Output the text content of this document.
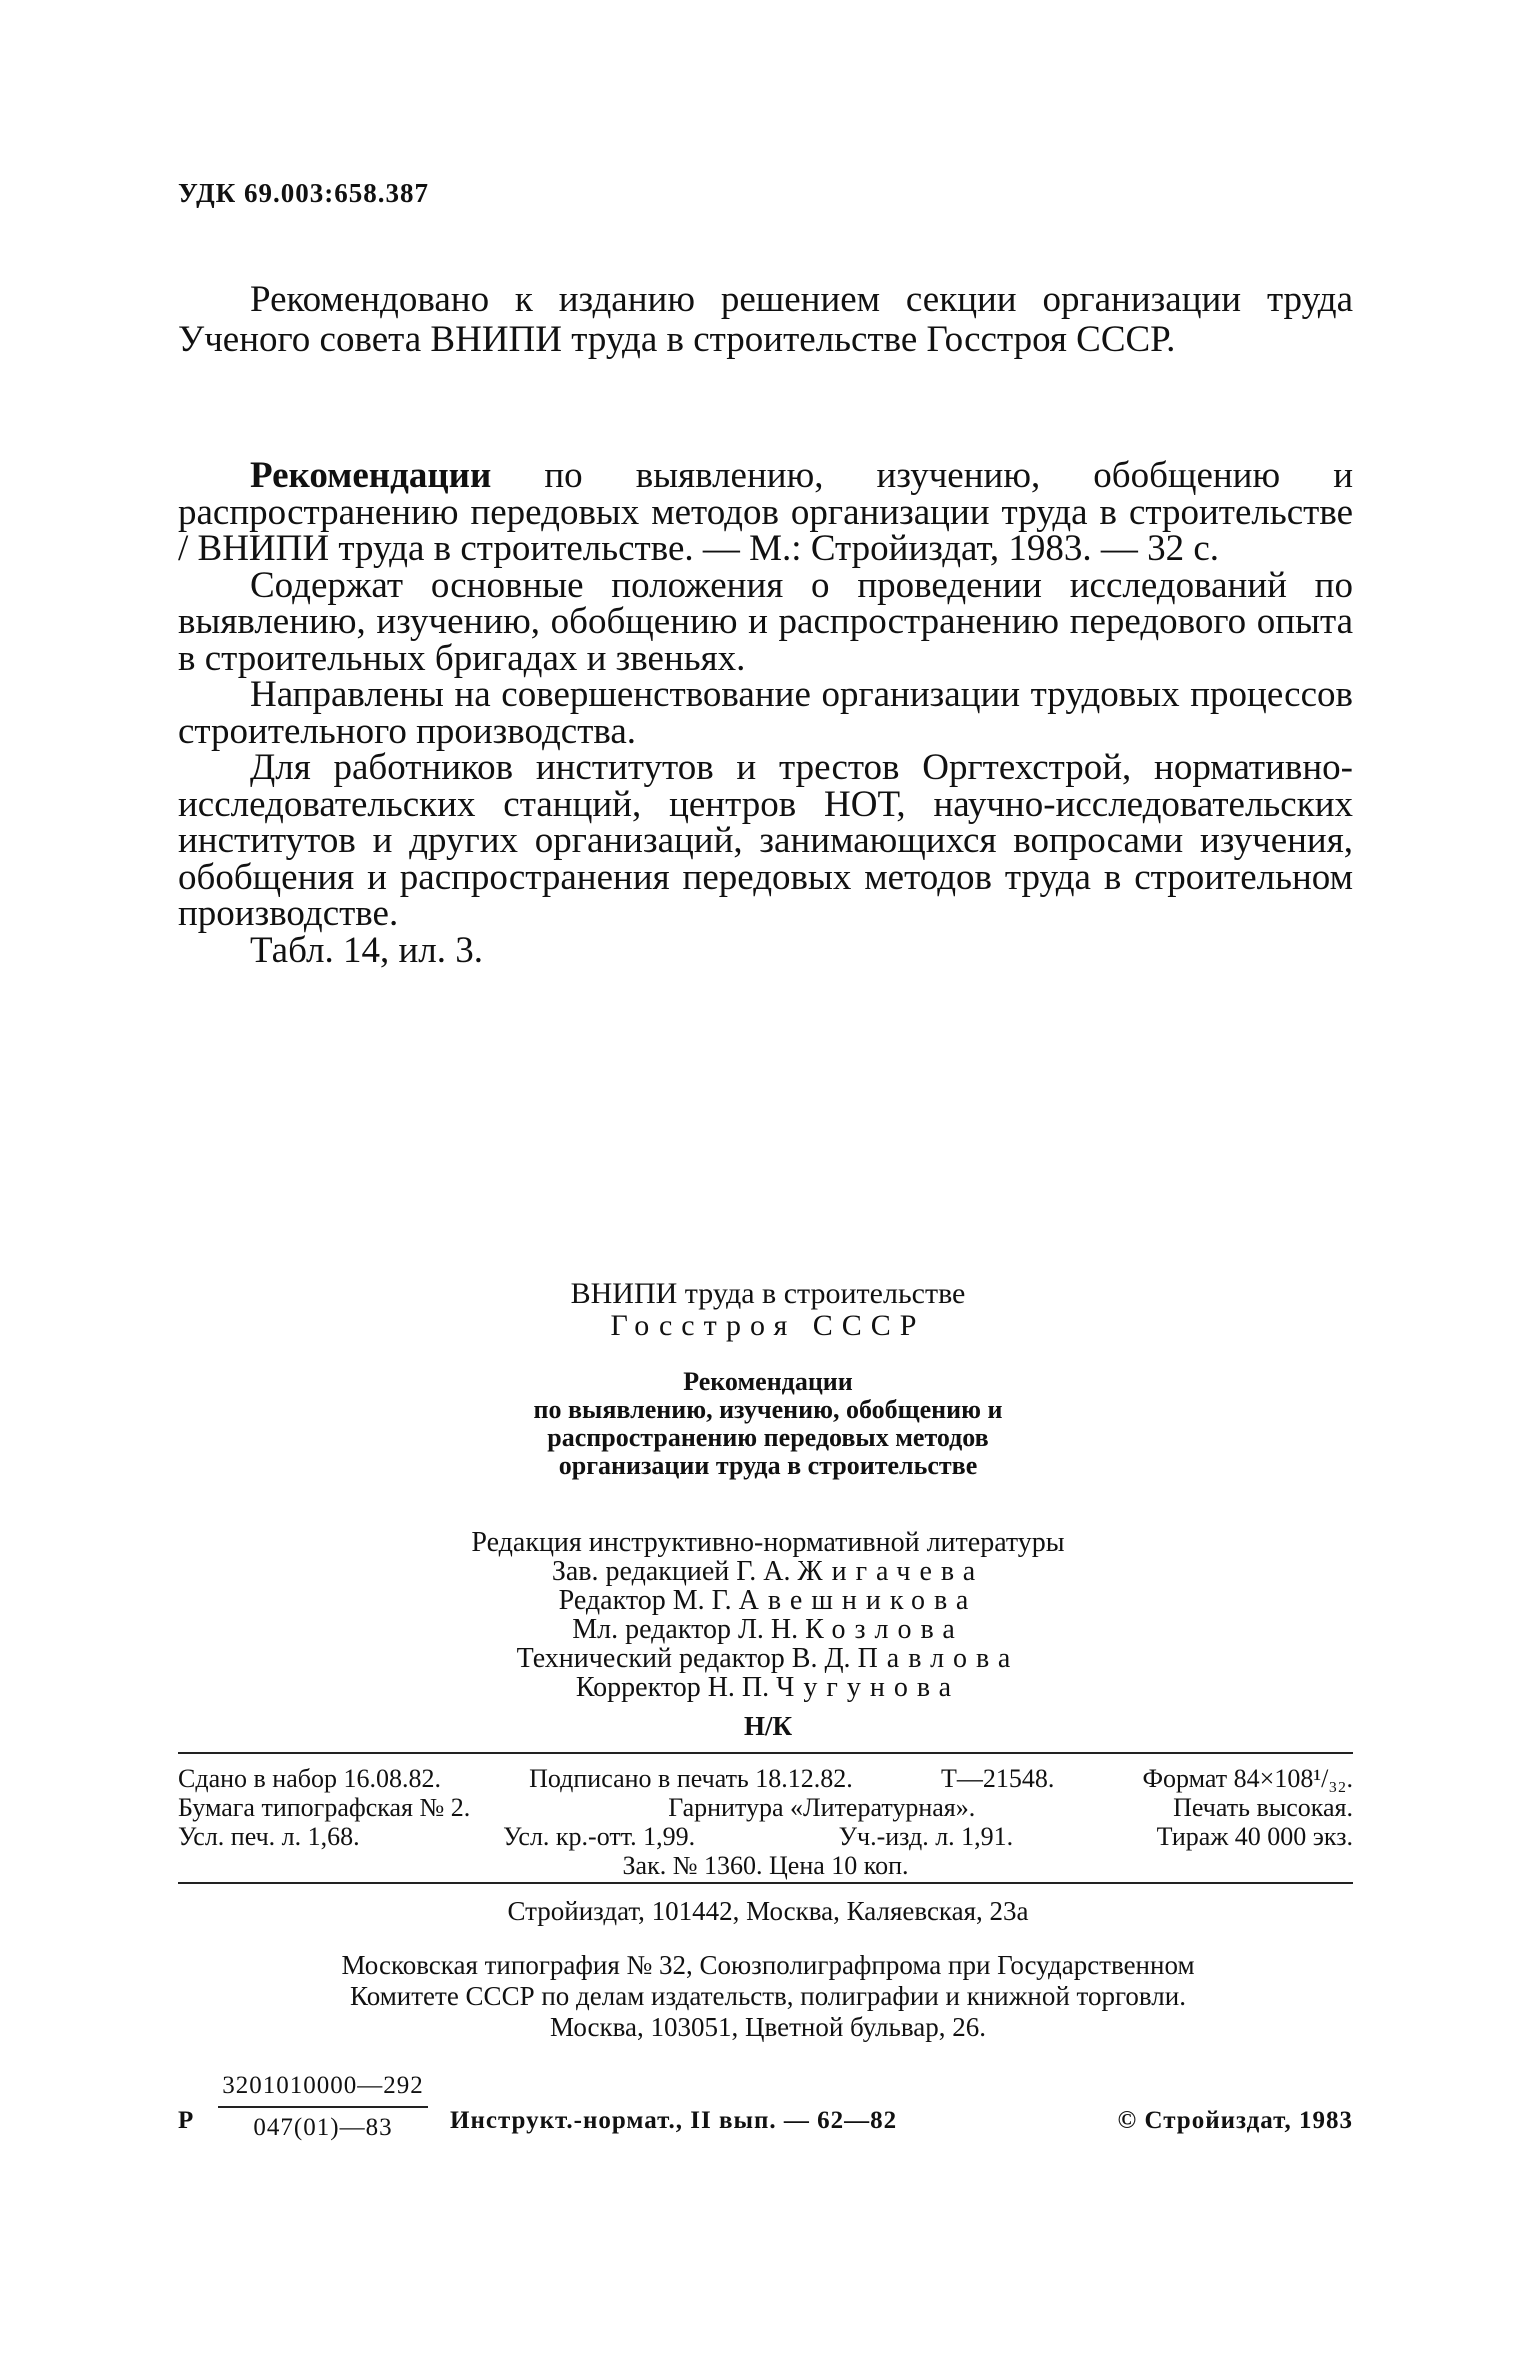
УДК 69.003:658.387

Рекомендовано к изданию решением секции организации труда Ученого совета ВНИПИ труда в строительстве Госстроя СССР.

Рекомендации по выявлению, изучению, обобщению и распространению передовых методов организации труда в строительстве / ВНИПИ труда в строительстве. — М.: Стройиздат, 1983. — 32 с.

Содержат основные положения о проведении исследований по выявлению, изучению, обобщению и распространению передового опыта в строительных бригадах и звеньях.

Направлены на совершенствование организации трудовых процессов строительного производства.

Для работников институтов и трестов Оргтехстрой, нормативно-исследовательских станций, центров НОТ, научно-исследовательских институтов и других организаций, занимающихся вопросами изучения, обобщения и распространения передовых методов труда в строительном производстве.

Табл. 14, ил. 3.

ВНИПИ труда в строительстве
Госстроя СССР
Рекомендации
по выявлению, изучению, обобщению и
распространению передовых методов
организации труда в строительстве
Редакция инструктивно-нормативной литературы
Зав. редакцией Г. А. Жигачева
Редактор М. Г. Авешникова
Мл. редактор Л. Н. Козлова
Технический редактор В. Д. Павлова
Корректор Н. П. Чугунова
Н/К
Сдано в набор 16.08.82.	Подписано в печать 18.12.82.	Т—21548.	Формат 84×108¹/₃₂.
Бумага типографская № 2.	Гарнитура «Литературная».	Печать высокая.
Усл. печ. л. 1,68.	Усл. кр.-отт. 1,99.	Уч.-изд. л. 1,91.	Тираж 40 000 экз.
Зак. № 1360. Цена 10 коп.
Стройиздат, 101442, Москва, Каляевская, 23а
Московская типография № 32, Союзполиграфпрома при Государственном
Комитете СССР по делам издательств, полиграфии и книжной торговли.
Москва, 103051, Цветной бульвар, 26.
Р
3201010000—292
047(01)—83	Инструкт.-нормат., II вып. — 62—82	© Стройиздат, 1983
